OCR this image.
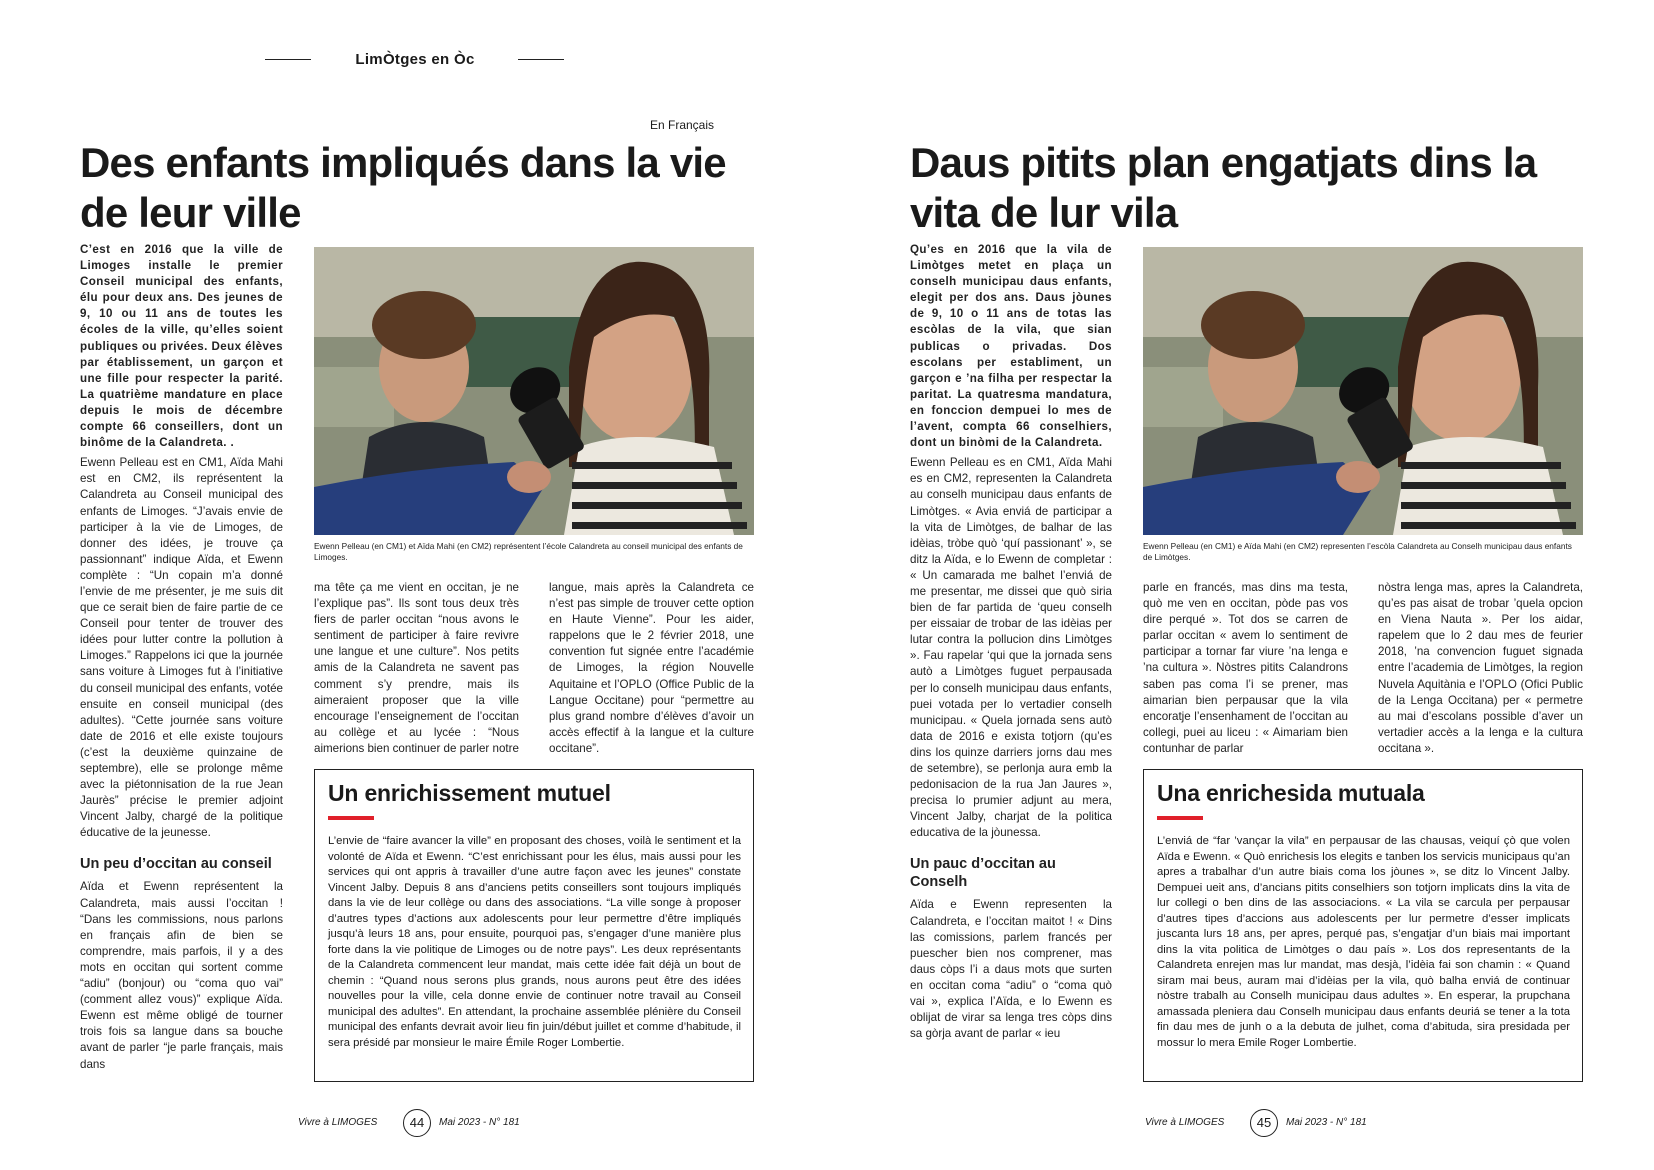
LimÒtges en Òc
En Français
Des enfants impliqués dans la vie de leur ville

C’est en 2016 que la ville de Limoges installe le premier Conseil municipal des enfants, élu pour deux ans. Des jeunes de 9, 10 ou 11 ans de toutes les écoles de la ville, qu’elles soient publiques ou privées. Deux élèves par établissement, un garçon et une fille pour respecter la parité. La quatrième mandature en place depuis le mois de décembre compte 66 conseillers, dont un binôme de la Calandreta. .

Ewenn Pelleau est en CM1, Aïda Mahi est en CM2, ils représentent la Calandreta au Conseil municipal des enfants de Limoges. “J’avais envie de participer à la vie de Limoges, de donner des idées, je trouve ça passionnant” indique Aïda, et Ewenn complète : “Un copain m’a donné l’envie de me présenter, je me suis dit que ce serait bien de faire partie de ce Conseil pour tenter de trouver des idées pour lutter contre la pollution à Limoges.” Rappelons ici que la journée sans voiture à Limoges fut à l’initiative du conseil municipal des enfants, votée ensuite en conseil municipal (des adultes). “Cette journée sans voiture date de 2016 et elle existe toujours (c’est la deuxième quinzaine de septembre), elle se prolonge même avec la piétonnisation de la rue Jean Jaurès” précise le premier adjoint Vincent Jalby, chargé de la politique éducative de la jeunesse.

Un peu d’occitan au conseil

Aïda et Ewenn représentent la Calandreta, mais aussi l’occitan ! “Dans les commissions, nous parlons en français afin de bien se comprendre, mais parfois, il y a des mots en occitan qui sortent comme “adiu” (bonjour) ou “coma quo vai” (comment allez vous)” explique Aïda. Ewenn est même obligé de tourner trois fois sa langue dans sa bouche avant de parler “je parle français, mais dans

Ewenn Pelleau (en CM1) et Aïda Mahi (en CM2) représentent l’école Calandreta au conseil municipal des enfants de Limoges.

ma tête ça me vient en occitan, je ne l’explique pas”. Ils sont tous deux très fiers de parler occitan “nous avons le sentiment de participer à faire revivre une langue et une culture”. Nos petits amis de la Calandreta ne savent pas comment s’y prendre, mais ils aimeraient proposer que la ville encourage l’enseignement de l’occitan au collège et au lycée : “Nous aimerions bien continuer de parler notre

langue, mais après la Calandreta ce n’est pas simple de trouver cette option en Haute Vienne”. Pour les aider, rappelons que le 2 février 2018, une convention fut signée entre l’académie de Limoges, la région Nouvelle Aquitaine et l’OPLO (Office Public de la Langue Occitane) pour “permettre au plus grand nombre d’élèves d’avoir un accès effectif à la langue et la culture occitane”.

Un enrichissement mutuel
L’envie de “faire avancer la ville” en proposant des choses, voilà le sentiment et la volonté de Aïda et Ewenn. “C’est enrichissant pour les élus, mais aussi pour les services qui ont appris à travailler d’une autre façon avec les jeunes” constate Vincent Jalby. Depuis 8 ans d’anciens petits conseillers sont toujours impliqués dans la vie de leur collège ou dans des associations. “La ville songe à proposer d’autres types d’actions aux adolescents pour leur permettre d’être impliqués jusqu’à leurs 18 ans, pour ensuite, pourquoi pas, s’engager d’une manière plus forte dans la vie politique de Limoges ou de notre pays”. Les deux représentants de la Calandreta commencent leur mandat, mais cette idée fait déjà un bout de chemin : “Quand nous serons plus grands, nous aurons peut être des idées nouvelles pour la ville, cela donne envie de continuer notre travail au Conseil municipal des adultes”. En attendant, la prochaine assemblée plénière du Conseil municipal des enfants devrait avoir lieu fin juin/début juillet et comme d’habitude, il sera présidé par monsieur le maire Émile Roger Lombertie.
Vivre à LIMOGES	44	Mai 2023 - N° 181
Daus pitits plan engatjats dins la vita de lur vila

Qu’es en 2016 que la vila de Limòtges metet en plaça un conselh municipau daus enfants, elegit per dos ans. Daus jòunes de 9, 10 o 11 ans de totas las escòlas de la vila, que sian publicas o privadas. Dos escolans per establiment, un garçon e ’na filha per respectar la paritat. La quatresma mandatura, en fonccion dempuei lo mes de l’avent, compta 66 conselhiers, dont un binòmi de la Calandreta.

Ewenn Pelleau es en CM1, Aïda Mahi es en CM2, representen la Calandreta au conselh municipau daus enfants de Limòtges. « Avia enviá de participar a la vita de Limòtges, de balhar de las idèias, tròbe quò ‘quí passionant’ », se ditz la Aïda, e lo Ewenn de completar : « Un camarada me balhet l’enviá de me presentar, me dissei que quò siria bien de far partida de ‘queu conselh per eissaiar de trobar de las idèias per lutar contra la pollucion dins Limòtges ». Fau rapelar ‘qui que la jornada sens autò a Limòtges fuguet perpausada per lo conselh municipau daus enfants, puei votada per lo vertadier conselh municipau. « Quela jornada sens autò data de 2016 e exista totjorn (qu’es dins los quinze darriers jorns dau mes de setembre), se perlonja aura emb la pedonisacion de la rua Jan Jaures », precisa lo prumier adjunt au mera, Vincent Jalby, charjat de la politica educativa de la jòunessa.

Un pauc d’occitan au Conselh

Aïda e Ewenn representen la Calandreta, e l’occitan maitot ! « Dins las comissions, parlem francés per puescher bien nos comprener, mas daus còps l’i a daus mots que surten en occitan coma “adiu” o “coma quò vai », explica l’Aïda, e lo Ewenn es oblijat de virar sa lenga tres còps dins sa gòrja avant de parlar « ieu

Ewenn Pelleau (en CM1) e Aïda Mahi (en CM2) representen l’escòla Calandreta au Conselh municipau daus enfants de Limòtges.

parle en francés, mas dins ma testa, quò me ven en occitan, pòde pas vos dire perqué ». Tot dos se carren de parlar occitan « avem lo sentiment de participar a tornar far viure ’na lenga e ’na cultura ». Nòstres pitits Calandrons saben pas coma l’i se prener, mas aimarian bien perpausar que la vila encoratje l’ensenhament de l’occitan au collegi, puei au liceu : « Aimariam bien contunhar de parlar

nòstra lenga mas, apres la Calandreta, qu’es pas aisat de trobar ’quela opcion en Viena Nauta ». Per los aidar, rapelem que lo 2 dau mes de feurier 2018, ’na convencion fuguet signada entre l’academia de Limòtges, la region Nuvela Aquitània e l’OPLO (Ofici Public de la Lenga Occitana) per « permetre au mai d’escolans possible d’aver un vertadier accès a la lenga e la cultura occitana ».

Una enrichesida mutuala
L’enviá de “far ’vançar la vila” en perpausar de las chausas, veiquí çò que volen Aïda e Ewenn. « Quò enrichesis los elegits e tanben los servicis municipaus qu’an apres a trabalhar d’un autre biais coma los jòunes », se ditz lo Vincent Jalby. Dempuei ueit ans, d’ancians pitits conselhiers son totjorn implicats dins la vita de lur collegi o ben dins de las associacions. « La vila se carcula per perpausar d’autres tipes d’accions aus adolescents per lur permetre d’esser implicats juscanta lurs 18 ans, per apres, perqué pas, s’engatjar d’un biais mai important dins la vita politica de Limòtges o dau país ». Los dos representants de la Calandreta enrejen mas lur mandat, mas desjà, l’idèia fai son chamin : « Quand siram mai beus, auram mai d’idèias per la vila, quò balha enviá de continuar nòstre trabalh au Conselh municipau daus adultes ». En esperar, la prupchana amassada pleniera dau Conselh municipau daus enfants deuriá se tener a la tota fin dau mes de junh o a la debuta de julhet, coma d’abituda, sira presidada per mossur lo mera Emile Roger Lombertie.
Vivre à LIMOGES	45	Mai 2023 - N° 181
